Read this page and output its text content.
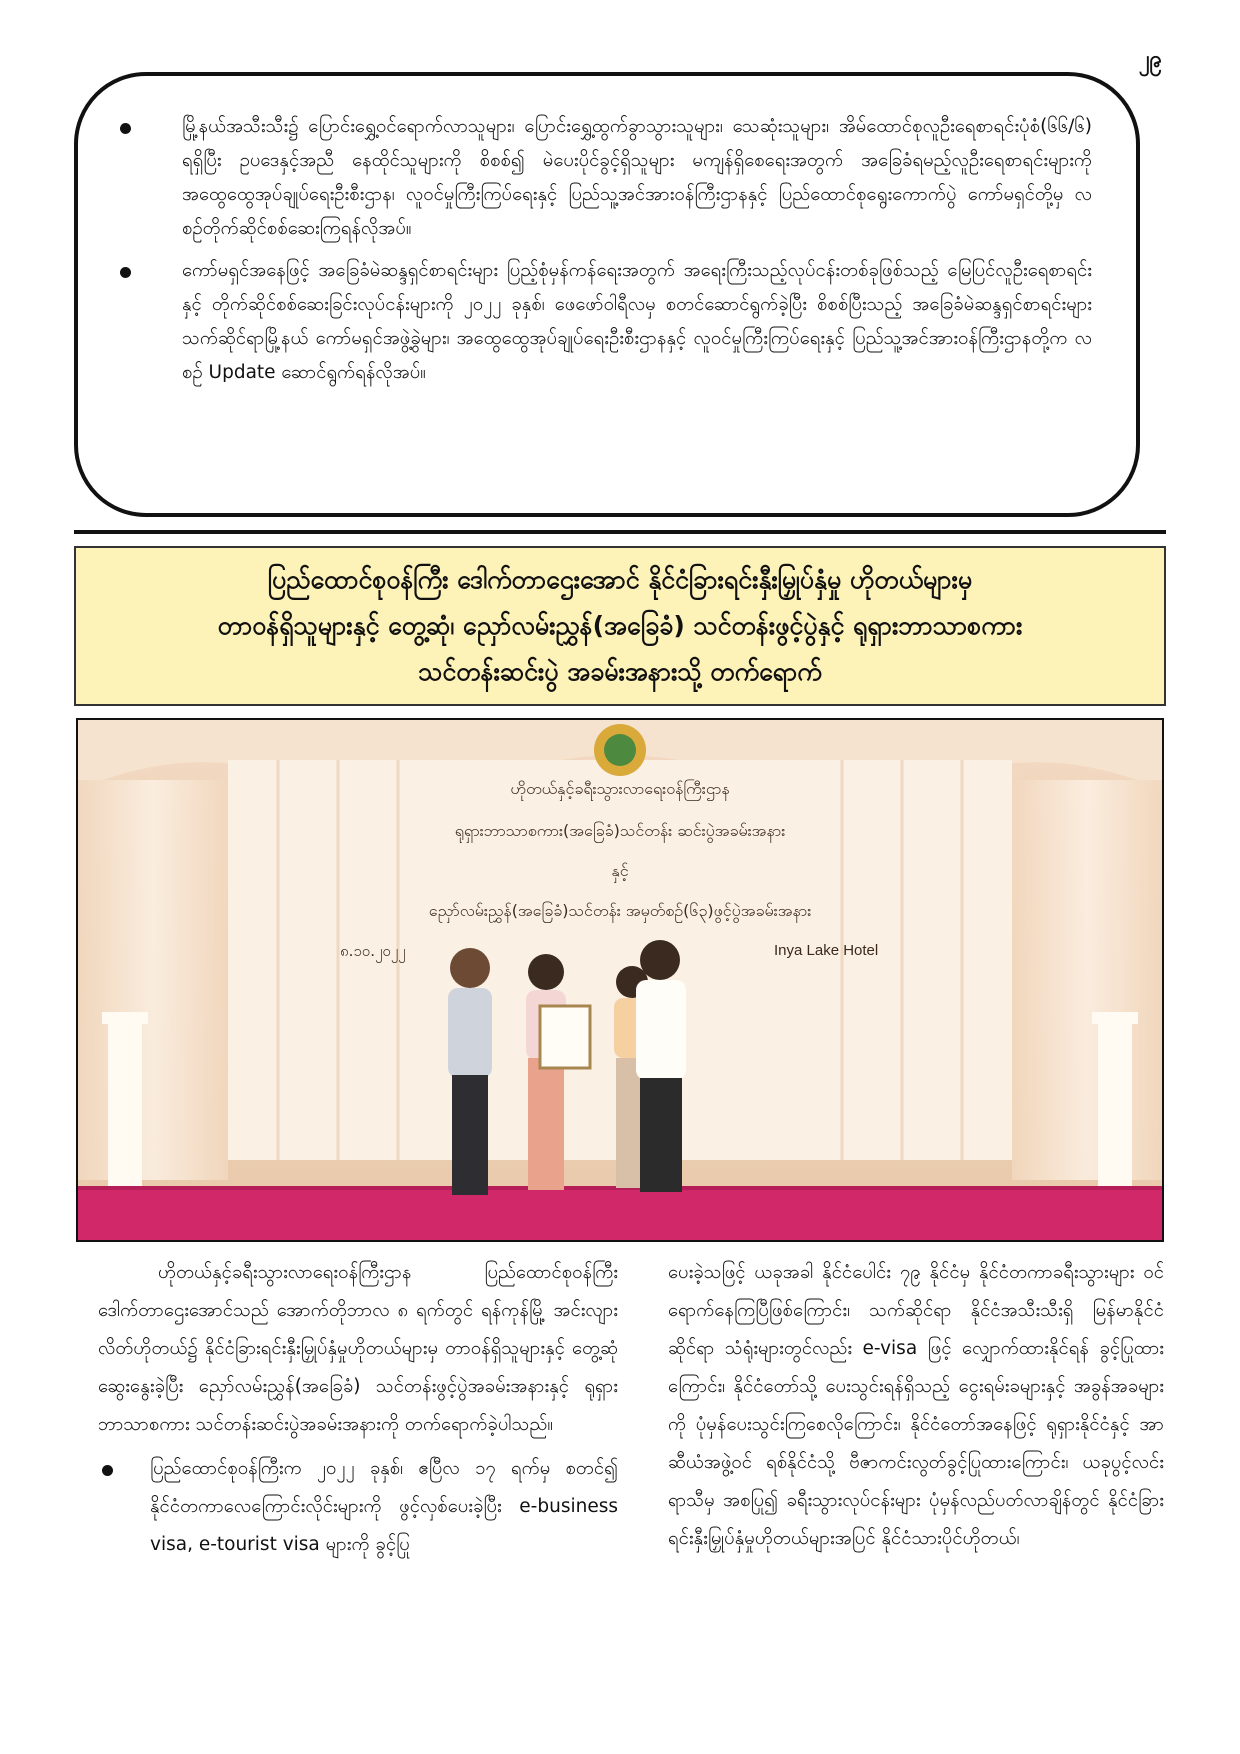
၂၉
မြို့နယ်အသီးသီး၌ ပြောင်းရွှေ့ဝင်ရောက်လာသူများ၊ ပြောင်းရွှေ့ထွက်ခွာသွားသူများ၊ သေဆုံးသူများ၊ အိမ်ထောင်စုလူဦးရေစာရင်းပုံစံ(၆၆/၆) ရရှိပြီး ဥပဒေနှင့်အညီ နေထိုင်သူများကို စိစစ်၍ မဲပေးပိုင်ခွင့်ရှိသူများ မကျန်ရှိစေရေးအတွက် အခြေခံရမည့်လူဦးရေစာရင်းများကို အထွေထွေအုပ်ချုပ်ရေးဦးစီးဌာန၊ လူဝင်မှုကြီးကြပ်ရေးနှင့် ပြည်သူ့အင်အားဝန်ကြီးဌာနနှင့် ပြည်ထောင်စုရွေးကောက်ပွဲ ကော်မရှင်တို့မှ လစဉ်တိုက်ဆိုင်စစ်ဆေးကြရန်လိုအပ်။
ကော်မရှင်အနေဖြင့် အခြေခံမဲဆန္ဒရှင်စာရင်းများ ပြည့်စုံမှန်ကန်ရေးအတွက် အရေးကြီးသည့်လုပ်ငန်းတစ်ခုဖြစ်သည့် မြေပြင်လူဦးရေစာရင်းနှင့် တိုက်ဆိုင်စစ်ဆေးခြင်းလုပ်ငန်းများကို ၂၀၂၂ ခုနှစ်၊ ဖေဖော်ဝါရီလမှ စတင်ဆောင်ရွက်ခဲ့ပြီး စိစစ်ပြီးသည့် အခြေခံမဲဆန္ဒရှင်စာရင်းများ သက်ဆိုင်ရာမြို့နယ် ကော်မရှင်အဖွဲ့ခွဲများ၊ အထွေထွေအုပ်ချုပ်ရေးဦးစီးဌာနနှင့် လူဝင်မှုကြီးကြပ်ရေးနှင့် ပြည်သူ့အင်အားဝန်ကြီးဌာနတို့က လစဉ် Update ဆောင်ရွက်ရန်လိုအပ်။
ပြည်ထောင်စုဝန်ကြီး ဒေါက်တာဌေးအောင် နိုင်ငံခြားရင်းနှီးမြှုပ်နှံမှု ဟိုတယ်များမှ
တာဝန်ရှိသူများနှင့် တွေ့ဆုံ၊ ညှော်လမ်းညွှန်(အခြေခံ) သင်တန်းဖွင့်ပွဲနှင့် ရုရှားဘာသာစကား
သင်တန်းဆင်းပွဲ အခမ်းအနားသို့ တက်ရောက်
ဟိုတယ်နှင့်ခရီးသွားလာရေးဝန်ကြီးဌာန
ရုရှားဘာသာစကား(အခြေခံ)သင်တန်း ဆင်းပွဲအခမ်းအနား
နှင့်
ညှော်လမ်းညွှန်(အခြေခံ)သင်တန်း အမှတ်စဉ်(၆၃)ဖွင့်ပွဲအခမ်းအနား
၈.၁၀.၂၀၂၂	Inya Lake Hotel

ဟိုတယ်နှင့်ခရီးသွားလာရေးဝန်ကြီးဌာန ပြည်ထောင်စုဝန်ကြီး ဒေါက်တာဌေးအောင်သည် အောက်တိုဘာလ ၈ ရက်တွင် ရန်ကုန်မြို့ အင်းလျားလိတ်ဟိုတယ်၌ နိုင်ငံခြားရင်းနှီးမြှုပ်နှံမှုဟိုတယ်များမှ တာဝန်ရှိသူများနှင့် တွေ့ဆုံဆွေးနွေးခဲ့ပြီး ညှော်လမ်းညွှန်(အခြေခံ) သင်တန်းဖွင့်ပွဲအခမ်းအနားနှင့် ရုရှားဘာသာစကား သင်တန်းဆင်းပွဲအခမ်းအနားကို တက်ရောက်ခဲ့ပါသည်။

ပြည်ထောင်စုဝန်ကြီးက ၂၀၂၂ ခုနှစ်၊ ဧပြီလ ၁၇ ရက်မှ စတင်၍ နိုင်ငံတကာလေကြောင်းလိုင်းများကို ဖွင့်လှစ်ပေးခဲ့ပြီး e-business visa, e-tourist visa များကို ခွင့်ပြု

ပေးခဲ့သဖြင့် ယခုအခါ နိုင်ငံပေါင်း ၇၉ နိုင်ငံမှ နိုင်ငံတကာခရီးသွားများ ဝင်ရောက်နေကြပြီဖြစ်ကြောင်း၊ သက်ဆိုင်ရာ နိုင်ငံအသီးသီးရှိ မြန်မာနိုင်ငံဆိုင်ရာ သံရုံးများတွင်လည်း e-visa ဖြင့် လျှောက်ထားနိုင်ရန် ခွင့်ပြုထားကြောင်း၊ နိုင်ငံတော်သို့ ပေးသွင်းရန်ရှိသည့် ငွေးရမ်းခများနှင့် အခွန်အခများကို ပုံမှန်ပေးသွင်းကြစေလိုကြောင်း၊ နိုင်ငံတော်အနေဖြင့် ရုရှားနိုင်ငံနှင့် အာဆီယံအဖွဲ့ဝင် ရစ်နိုင်ငံသို့ ဗီဇာကင်းလွတ်ခွင့်ပြုထားကြောင်း၊ ယခုပွင့်လင်းရာသီမှ အစပြု၍ ခရီးသွားလုပ်ငန်းများ ပုံမှန်လည်ပတ်လာချိန်တွင် နိုင်ငံခြားရင်းနှီးမြှုပ်နှံမှုဟိုတယ်များအပြင် နိုင်ငံသားပိုင်ဟိုတယ်၊
